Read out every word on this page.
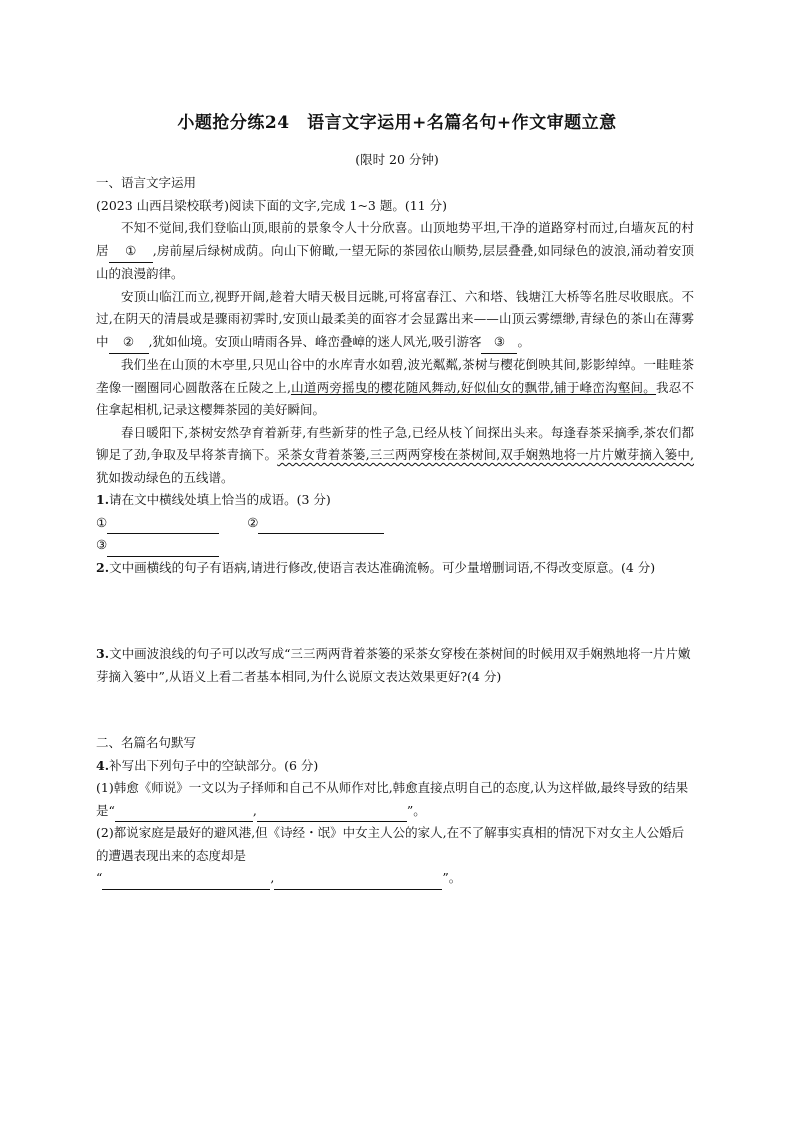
小题抢分练24　语言文字运用+名篇名句+作文审题立意
(限时 20 分钟)

一、语言文字运用

(2023 山西吕梁校联考)阅读下面的文字,完成 1~3 题。(11 分)

不知不觉间,我们登临山顶,眼前的景象令人十分欣喜。山顶地势平坦,干净的道路穿村而过,白墙灰瓦的村居 ① ,房前屋后绿树成荫。向山下俯瞰,一望无际的茶园依山顺势,层层叠叠,如同绿色的波浪,涌动着安顶山的浪漫韵律。

安顶山临江而立,视野开阔,趁着大晴天极目远眺,可将富春江、六和塔、钱塘江大桥等名胜尽收眼底。不过,在阴天的清晨或是骤雨初霁时,安顶山最柔美的面容才会显露出来——山顶云雾缥缈,青绿色的茶山在薄雾中 ② ,犹如仙境。安顶山晴雨各异、峰峦叠嶂的迷人风光,吸引游客 ③ 。

我们坐在山顶的木亭里,只见山谷中的水库青水如碧,波光粼粼,茶树与樱花倒映其间,影影绰绰。一畦畦茶垄像一圈圈同心圆散落在丘陵之上,山道两旁摇曳的樱花随风舞动,好似仙女的飘带,铺于峰峦沟壑间。我忍不住拿起相机,记录这樱舞茶园的美好瞬间。

春日暖阳下,茶树安然孕育着新芽,有些新芽的性子急,已经从枝丫间探出头来。每逢春茶采摘季,茶农们都铆足了劲,争取及早将茶青摘下。采茶女背着茶篓,三三两两穿梭在茶树间,双手娴熟地将一片片嫩芽摘入篓中,犹如拨动绿色的五线谱。

1.请在文中横线处填上恰当的成语。(3 分)

①	②

③

2.文中画横线的句子有语病,请进行修改,使语言表达准确流畅。可少量增删词语,不得改变原意。(4 分)

3.文中画波浪线的句子可以改写成“三三两两背着茶篓的采茶女穿梭在茶树间的时候用双手娴熟地将一片片嫩芽摘入篓中”,从语义上看二者基本相同,为什么说原文表达效果更好?(4 分)

二、名篇名句默写

4.补写出下列句子中的空缺部分。(6 分)

(1)韩愈《师说》一文以为子择师和自己不从师作对比,韩愈直接点明自己的态度,认为这样做,最终导致的结果是“	,	”。

(2)都说家庭是最好的避风港,但《诗经・氓》中女主人公的家人,在不了解事实真相的情况下对女主人公婚后的遭遇表现出来的态度却是

“	,	”。
